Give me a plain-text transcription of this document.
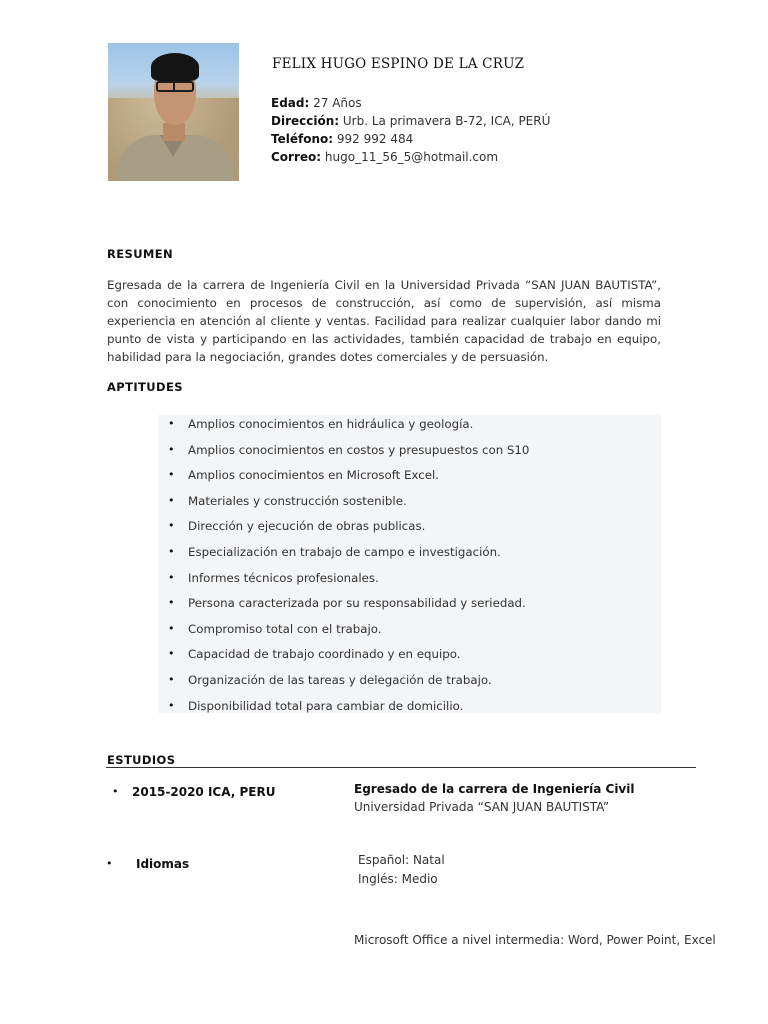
FELIX HUGO ESPINO DE LA CRUZ
Edad: 27 Años
Dirección: Urb. La primavera B-72, ICA, PERÚ
Teléfono: 992 992 484
Correo: hugo_11_56_5@hotmail.com
RESUMEN
Egresada de la carrera de Ingeniería Civil en la Universidad Privada “SAN JUAN BAUTISTA”, con conocimiento en procesos de construcción, así como de supervisión, así misma experiencia en atención al cliente y ventas. Facilidad para realizar cualquier labor dando mi punto de vista y participando en las actividades, también capacidad de trabajo en equipo, habilidad para la negociación, grandes dotes comerciales y de persuasión.
APTITUDES
• Amplios conocimientos en hidráulica y geología.
• Amplios conocimientos en costos y presupuestos con S10
• Amplios conocimientos en Microsoft Excel.
• Materiales y construcción sostenible.
• Dirección y ejecución de obras publicas.
• Especialización en trabajo de campo e investigación.
• Informes técnicos profesionales.
• Persona caracterizada por su responsabilidad y seriedad.
• Compromiso total con el trabajo.
• Capacidad de trabajo coordinado y en equipo.
• Organización de las tareas y delegación de trabajo.
• Disponibilidad total para cambiar de domicilio.
ESTUDIOS
• 2015-2020 ICA, PERU	Egresado de la carrera de Ingeniería Civil
Universidad Privada “SAN JUAN BAUTISTA”
• Idiomas	Español: Natal
Inglés: Medio
Microsoft Office a nivel intermedia: Word, Power Point, Excel
